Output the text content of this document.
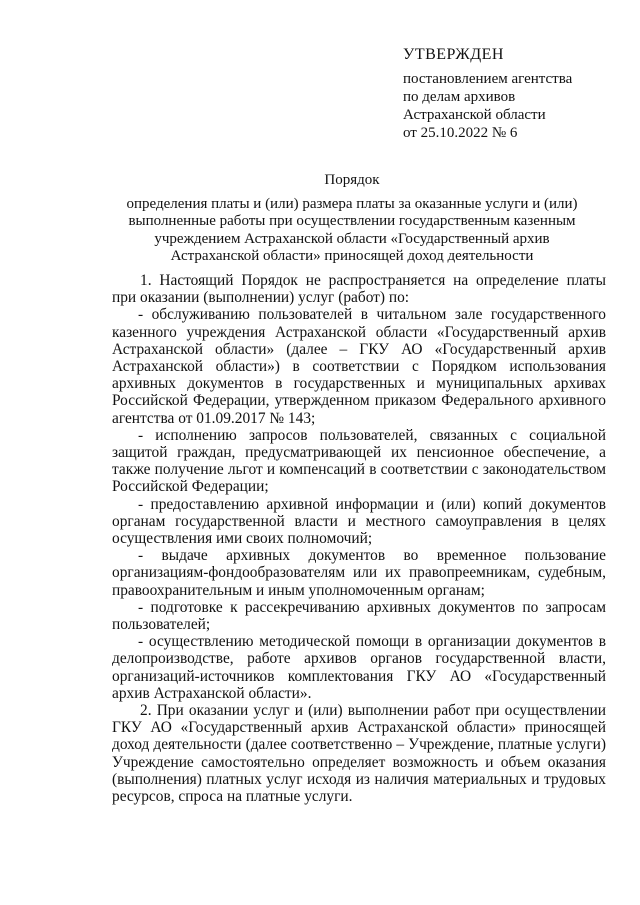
УТВЕРЖДЕН
постановлением агентства
по делам архивов
Астраханской области
от 25.10.2022 № 6
Порядок
определения платы и (или) размера платы за оказанные услуги и (или) выполненные работы при осуществлении государственным казенным учреждением Астраханской области «Государственный архив Астраханской области» приносящей доход деятельности

1. Настоящий Порядок не распространяется на определение платы при оказании (выполнении) услуг (работ) по:

- обслуживанию пользователей в читальном зале государственного казенного учреждения Астраханской области «Государственный архив Астраханской области» (далее – ГКУ АО «Государственный архив Астраханской области») в соответствии с Порядком использования архивных документов в государственных и муниципальных архивах Российской Федерации, утвержденном приказом Федерального архивного агентства от 01.09.2017 № 143;

- исполнению запросов пользователей, связанных с социальной защитой граждан, предусматривающей их пенсионное обеспечение, а также получение льгот и компенсаций в соответствии с законодательством Российской Федерации;

- предоставлению архивной информации и (или) копий документов органам государственной власти и местного самоуправления в целях осуществления ими своих полномочий;

- выдаче архивных документов во временное пользование организациям-фондообразователям или их правопреемникам, судебным, правоохранительным и иным уполномоченным органам;

- подготовке к рассекречиванию архивных документов по запросам пользователей;

- осуществлению методической помощи в организации документов в делопроизводстве, работе архивов органов государственной власти, организаций-источников комплектования ГКУ АО «Государственный архив Астраханской области».

2. При оказании услуг и (или) выполнении работ при осуществлении ГКУ АО «Государственный архив Астраханской области» приносящей доход деятельности (далее соответственно – Учреждение, платные услуги) Учреждение самостоятельно определяет возможность и объем оказания (выполнения) платных услуг исходя из наличия материальных и трудовых ресурсов, спроса на платные услуги.
